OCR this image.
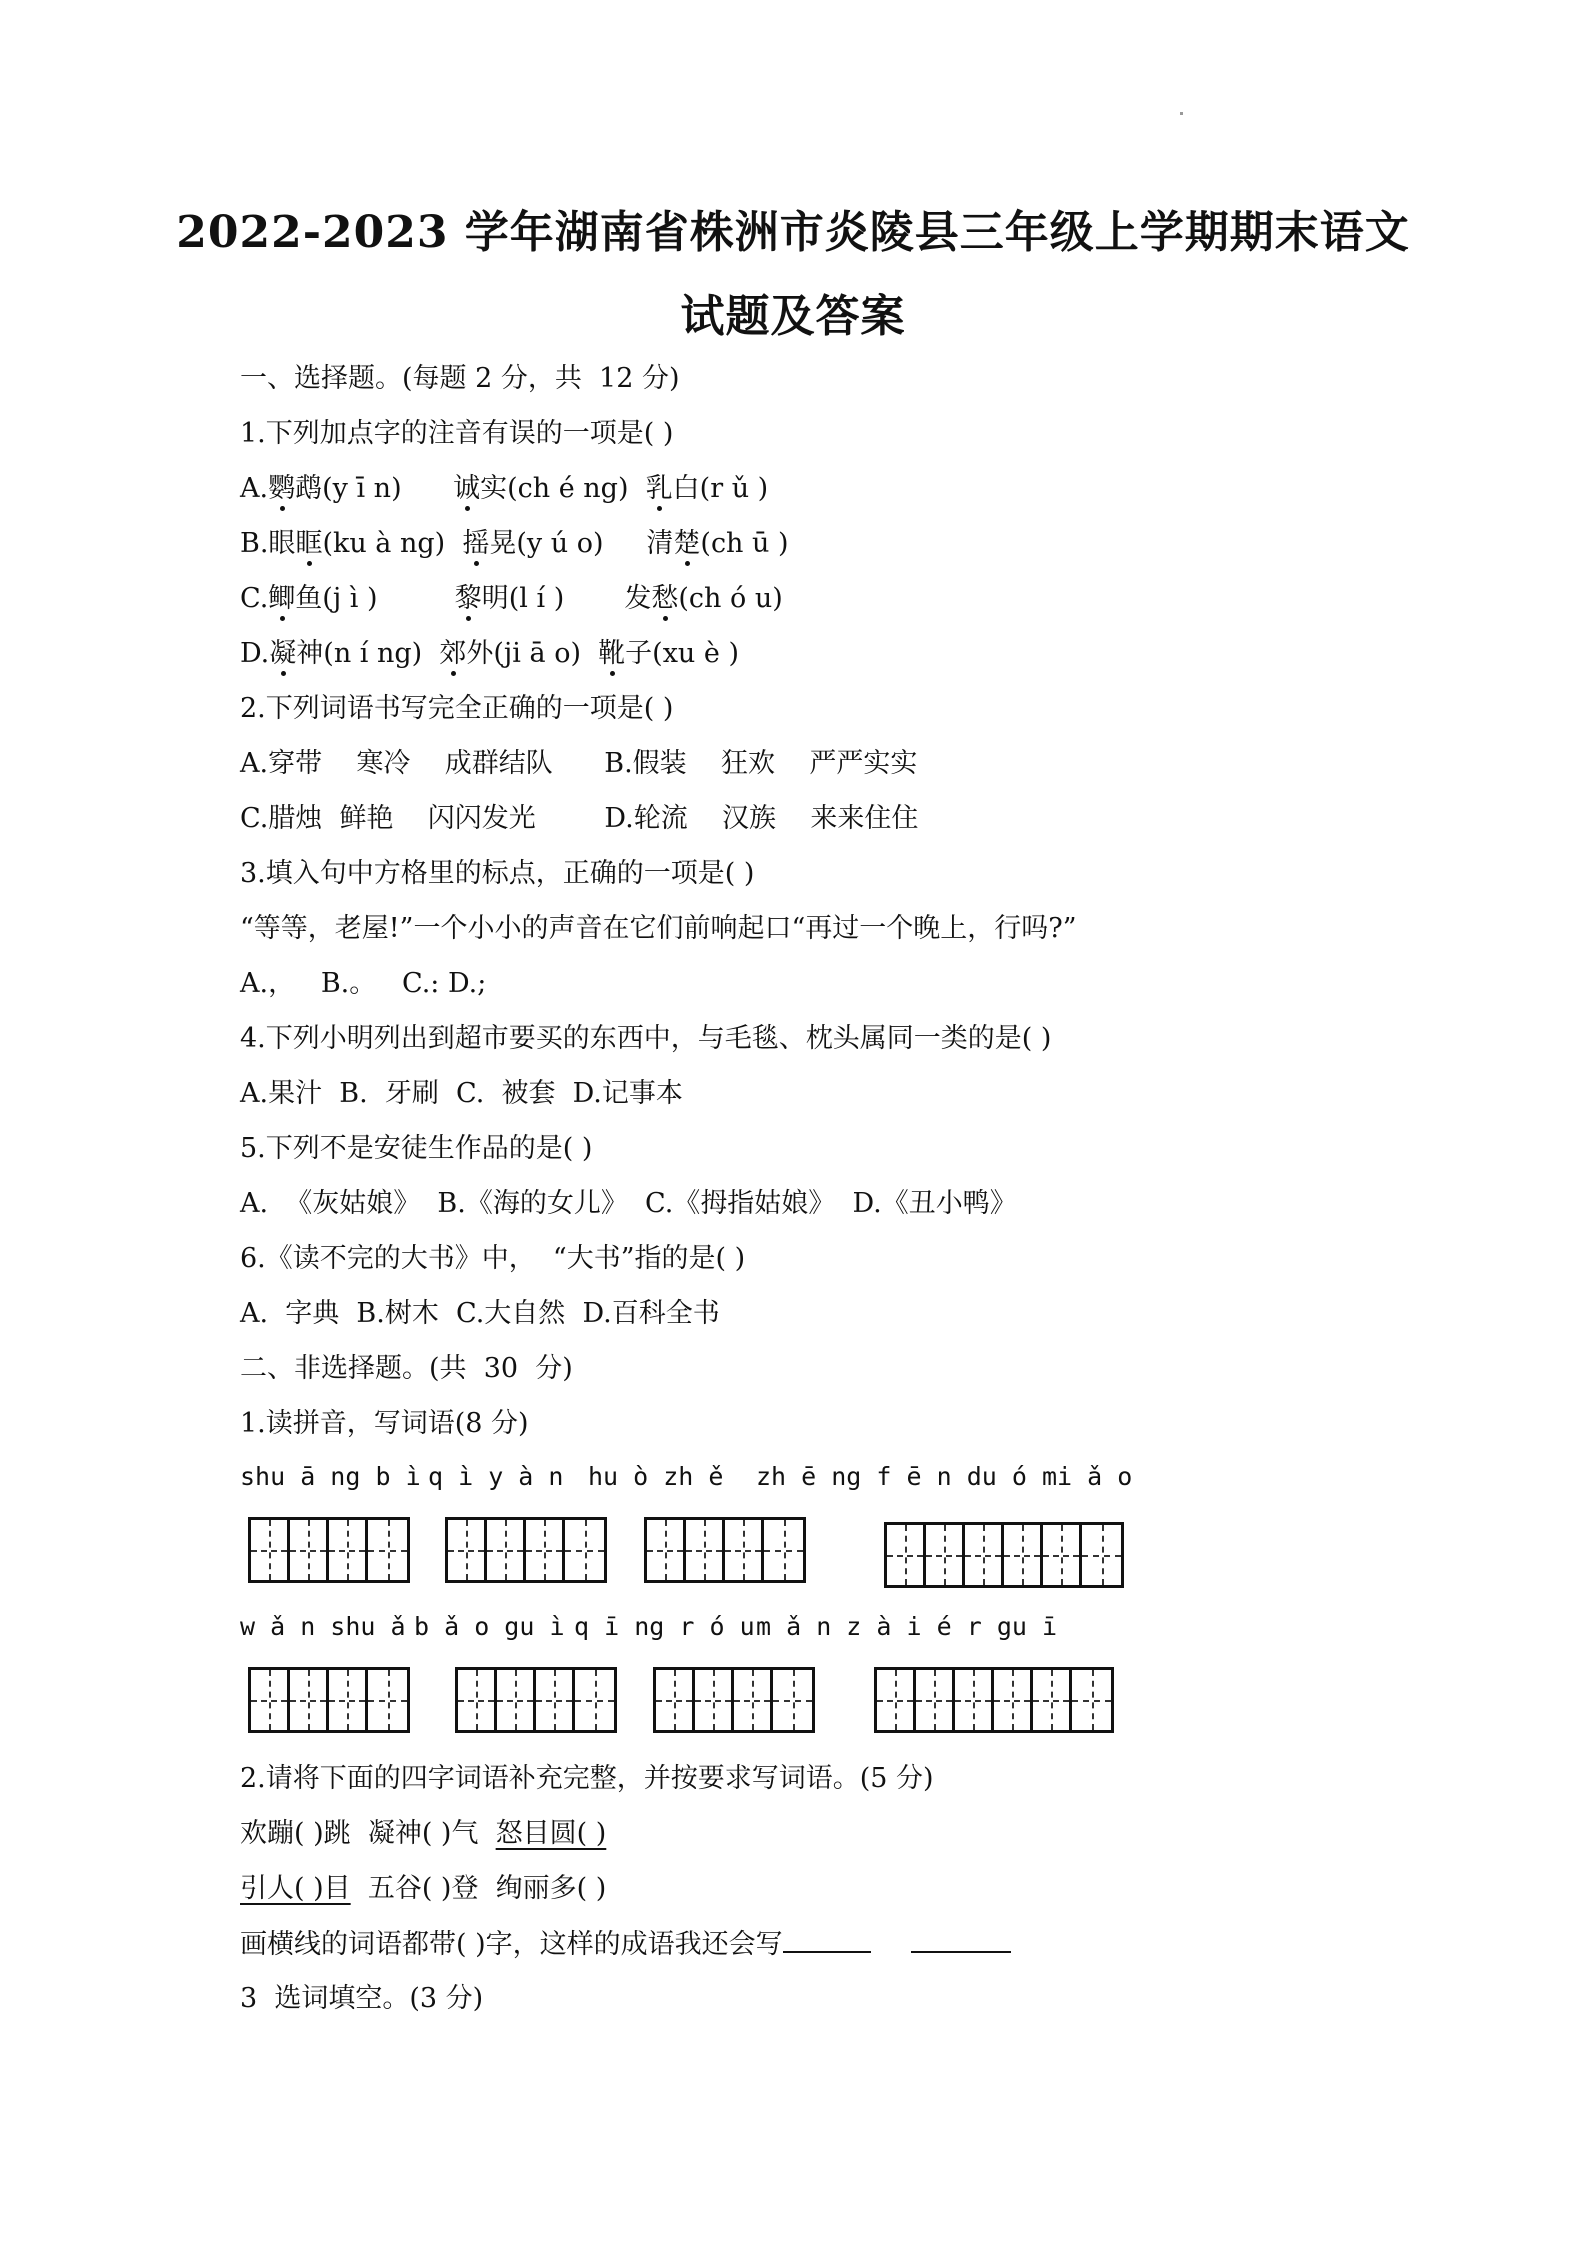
2022-2023 学年湖南省株洲市炎陵县三年级上学期期末语文
试题及答案
一、选择题。(每题 2 分，共  12 分)
1.下列加点字的注音有误的一项是( )
A.鹦鹉(y ī n)      诚实(ch é ng)  乳白(r ǔ )
B.眼眶(ku à ng)  摇晃(y ú o)     清楚(ch ū )
C.鲫鱼(j ì )         黎明(l í )       发愁(ch ó u)
D.凝神(n í ng)  郊外(ji ā o)  靴子(xu è )
2.下列词语书写完全正确的一项是( )
A.穿带    寒冷    成群结队      B.假装    狂欢    严严实实
C.腊烛  鲜艳    闪闪发光        D.轮流    汉族    来来住住
3.填入句中方格里的标点，正确的一项是( )
“等等，老屋!”一个小小的声音在它们前响起口“再过一个晚上，行吗?”
A.，   B.。   C.: D.;
4.下列小明列出到超市要买的东西中，与毛毯、枕头属同一类的是( )
A.果汁  B.  牙刷  C.  被套  D.记事本
5.下列不是安徒生作品的是( )
A.  《灰姑娘》  B.《海的女儿》  C.《拇指姑娘》  D.《丑小鸭》
6.《读不完的大书》中，  “大书”指的是( )
A.  字典  B.树木  C.大自然  D.百科全书
二、非选择题。(共  30  分)
1.读拼音，写词语(8 分)
shu ā ng b ì q ì y à n hu ò zh ě zh ē ng f ē n du ó mi ǎ o
w ǎ n shu ǎ b ǎ o gu ì q ī ng r ó u m ǎ n z à i é r gu ī
2.请将下面的四字词语补充完整，并按要求写词语。(5 分)
欢蹦( )跳  凝神( )气  怒目圆( )
引人( )目  五谷( )登  绚丽多( )
画横线的词语都带( )字，这样的成语我还会写
3  选词填空。(3 分)
